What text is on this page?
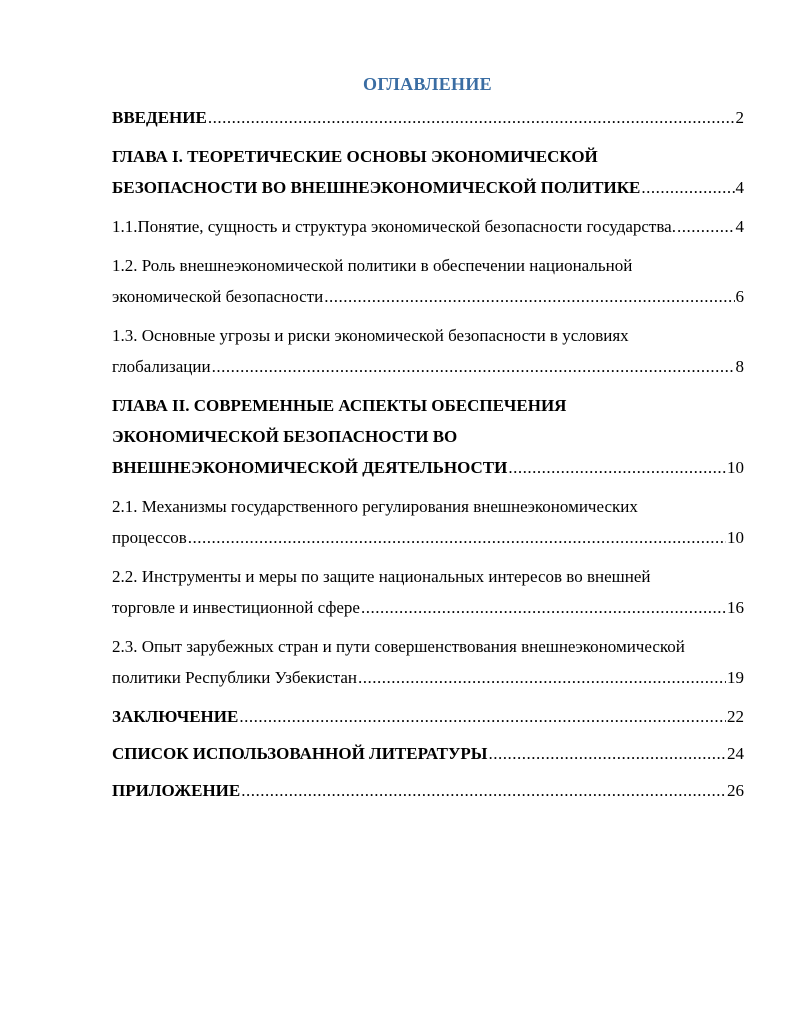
ОГЛАВЛЕНИЕ
ВВЕДЕНИЕ .....	2
ГЛАВА I. ТЕОРЕТИЧЕСКИЕ ОСНОВЫ ЭКОНОМИЧЕСКОЙ
БЕЗОПАСНОСТИ ВО ВНЕШНЕЭКОНОМИЧЕСКОЙ ПОЛИТИКЕ .....	4
1.1.Понятие, сущность и структура экономической безопасности государства. .....	4
1.2. Роль внешнеэкономической политики в обеспечении национальной
экономической безопасности .....	6
1.3. Основные угрозы и риски экономической безопасности в условиях
глобализации .....	8
ГЛАВА II. СОВРЕМЕННЫЕ АСПЕКТЫ ОБЕСПЕЧЕНИЯ
ЭКОНОМИЧЕСКОЙ БЕЗОПАСНОСТИ ВО
ВНЕШНЕЭКОНОМИЧЕСКОЙ ДЕЯТЕЛЬНОСТИ .....	10
2.1. Механизмы государственного регулирования внешнеэкономических
процессов .....	10
2.2. Инструменты и меры по защите национальных интересов во внешней
торговле и инвестиционной сфере .....	16
2.3. Опыт зарубежных стран и пути совершенствования внешнеэкономической
политики Республики Узбекистан .....	19
ЗАКЛЮЧЕНИЕ .....	22
СПИСОК ИСПОЛЬЗОВАННОЙ ЛИТЕРАТУРЫ .....	24
ПРИЛОЖЕНИЕ .....	26
